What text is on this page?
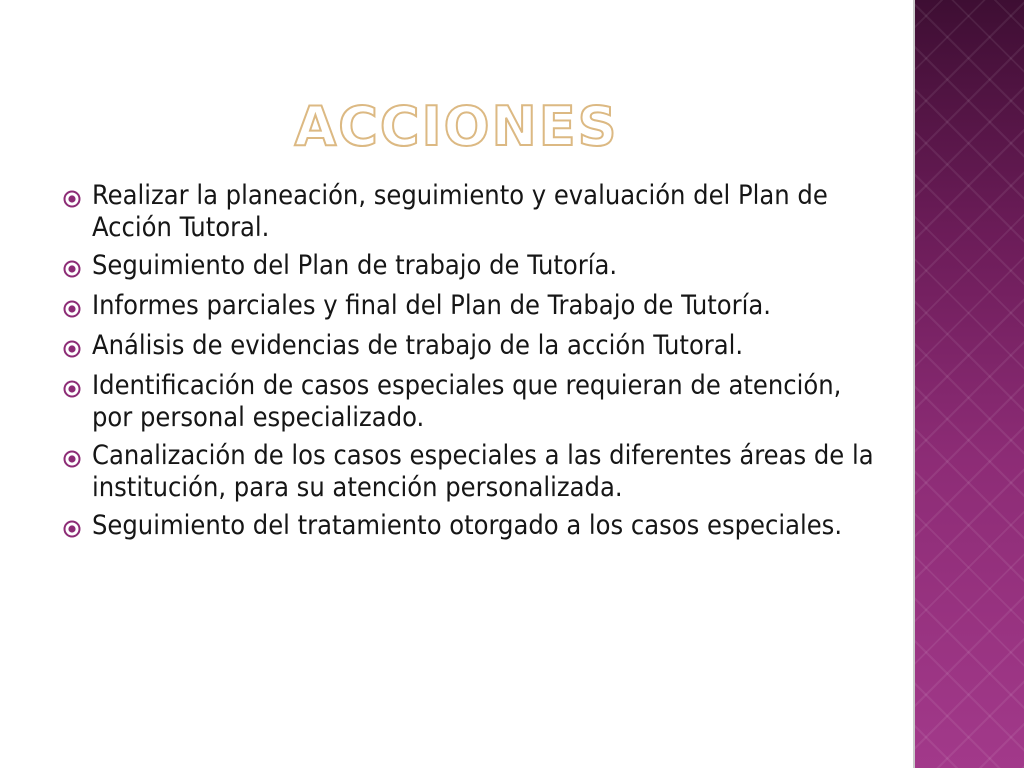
ACCIONES
Realizar la planeación, seguimiento y evaluación del Plan de Acción Tutoral.
Seguimiento del Plan de trabajo de Tutoría.
Informes parciales y final del Plan de Trabajo de Tutoría.
Análisis de evidencias de trabajo de la acción Tutoral.
Identificación de casos especiales que requieran de atención, por personal especializado.
Canalización de los casos especiales a las diferentes áreas de la institución, para su atención personalizada.
Seguimiento del tratamiento otorgado a los casos especiales.
